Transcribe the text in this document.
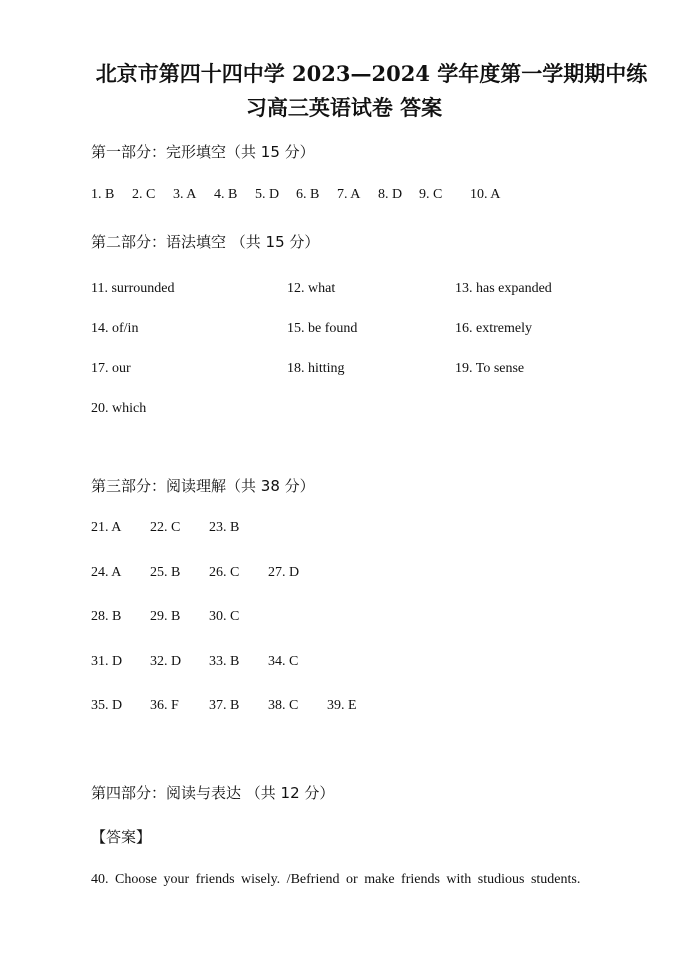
北京市第四十四中学 2023—2024 学年度第一学期期中练
习高三英语试卷 答案
第一部分：完形填空（共 15 分）
1. B 2. C 3. A 4. B 5. D 6. B 7. A 8. D 9. C 10. A
第二部分：语法填空 （共 15 分）
11. surrounded	12. what	13. has expanded
14. of/in	15. be found	16. extremely
17. our	18. hitting	19. To sense
20. which
第三部分：阅读理解（共 38 分）
21. A 22. C 23. B
24. A 25. B 26. C 27. D
28. B 29. B 30. C
31. D 32. D 33. B 34. C
35. D 36. F 37. B 38. C 39. E
第四部分：阅读与表达 （共 12 分）
【答案】
40. Choose your friends wisely. /Befriend or make friends with studious students.
